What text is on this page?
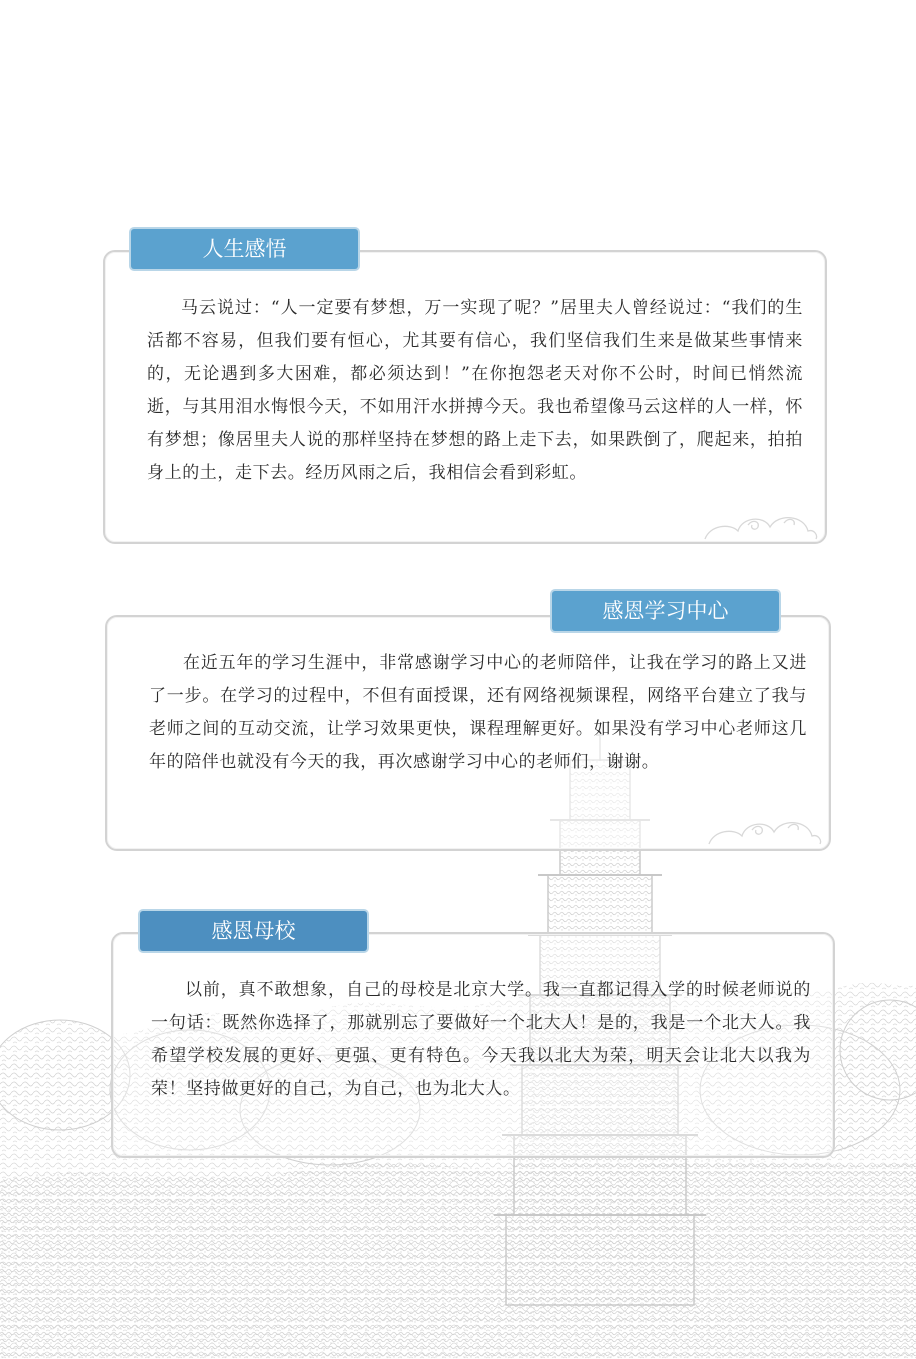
马云说过：“人一定要有梦想，万一实现了呢？”居里夫人曾经说过：“我们的生活都不容易，但我们要有恒心，尤其要有信心，我们坚信我们生来是做某些事情来的，无论遇到多大困难，都必须达到！”在你抱怨老天对你不公时，时间已悄然流逝，与其用泪水悔恨今天，不如用汗水拼搏今天。我也希望像马云这样的人一样，怀有梦想；像居里夫人说的那样坚持在梦想的路上走下去，如果跌倒了，爬起来，拍拍身上的土，走下去。经历风雨之后，我相信会看到彩虹。
人生感悟
在近五年的学习生涯中，非常感谢学习中心的老师陪伴，让我在学习的路上又进了一步。在学习的过程中，不但有面授课，还有网络视频课程，网络平台建立了我与老师之间的互动交流，让学习效果更快，课程理解更好。如果没有学习中心老师这几年的陪伴也就没有今天的我，再次感谢学习中心的老师们，谢谢。
感恩学习中心
以前，真不敢想象，自己的母校是北京大学。我一直都记得入学的时候老师说的一句话：既然你选择了，那就别忘了要做好一个北大人！是的，我是一个北大人。我希望学校发展的更好、更强、更有特色。今天我以北大为荣，明天会让北大以我为荣！坚持做更好的自己，为自己，也为北大人。
感恩母校
